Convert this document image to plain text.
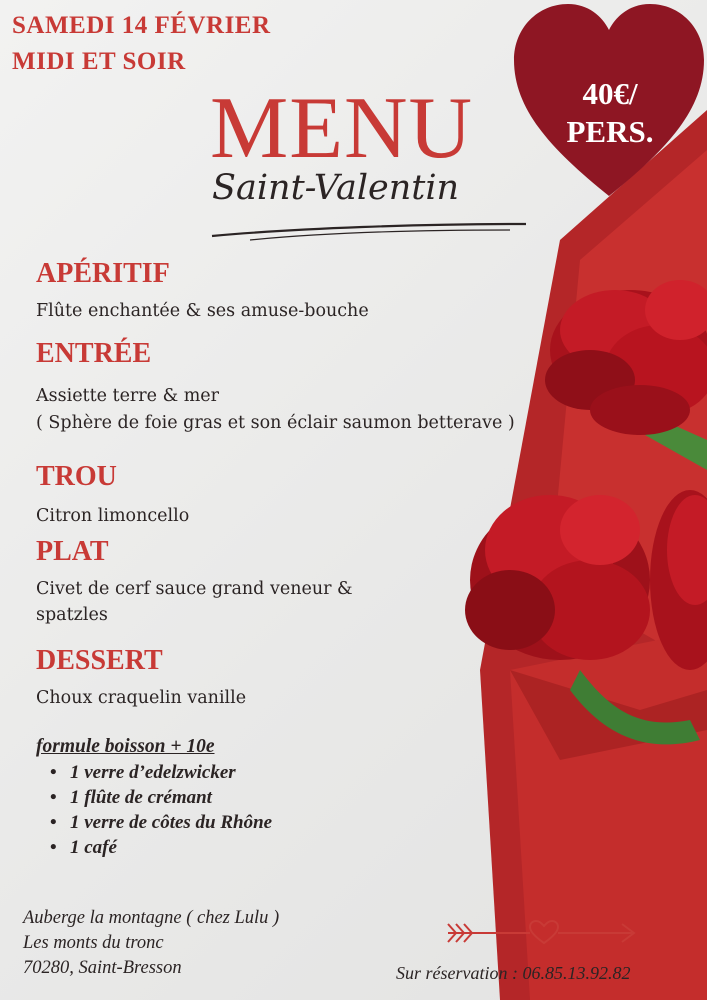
SAMEDI 14 FÉVRIER
MIDI ET SOIR
MENU
Saint-Valentin
40€/
PERS.
APÉRITIF
Flûte enchantée & ses amuse-bouche
ENTRÉE
Assiette terre & mer
( Sphère de foie gras et son éclair saumon betterave )
TROU
Citron limoncello
PLAT
Civet de cerf sauce grand veneur &
spatzles
DESSERT
Choux craquelin vanille
formule boisson + 10e
• 1 verre d’edelzwicker
• 1 flûte de crémant
• 1 verre de côtes du Rhône
• 1 café
Auberge la montagne ( chez Lulu )
Les monts du tronc
70280, Saint-Bresson	Sur réservation : 06.85.13.92.82
